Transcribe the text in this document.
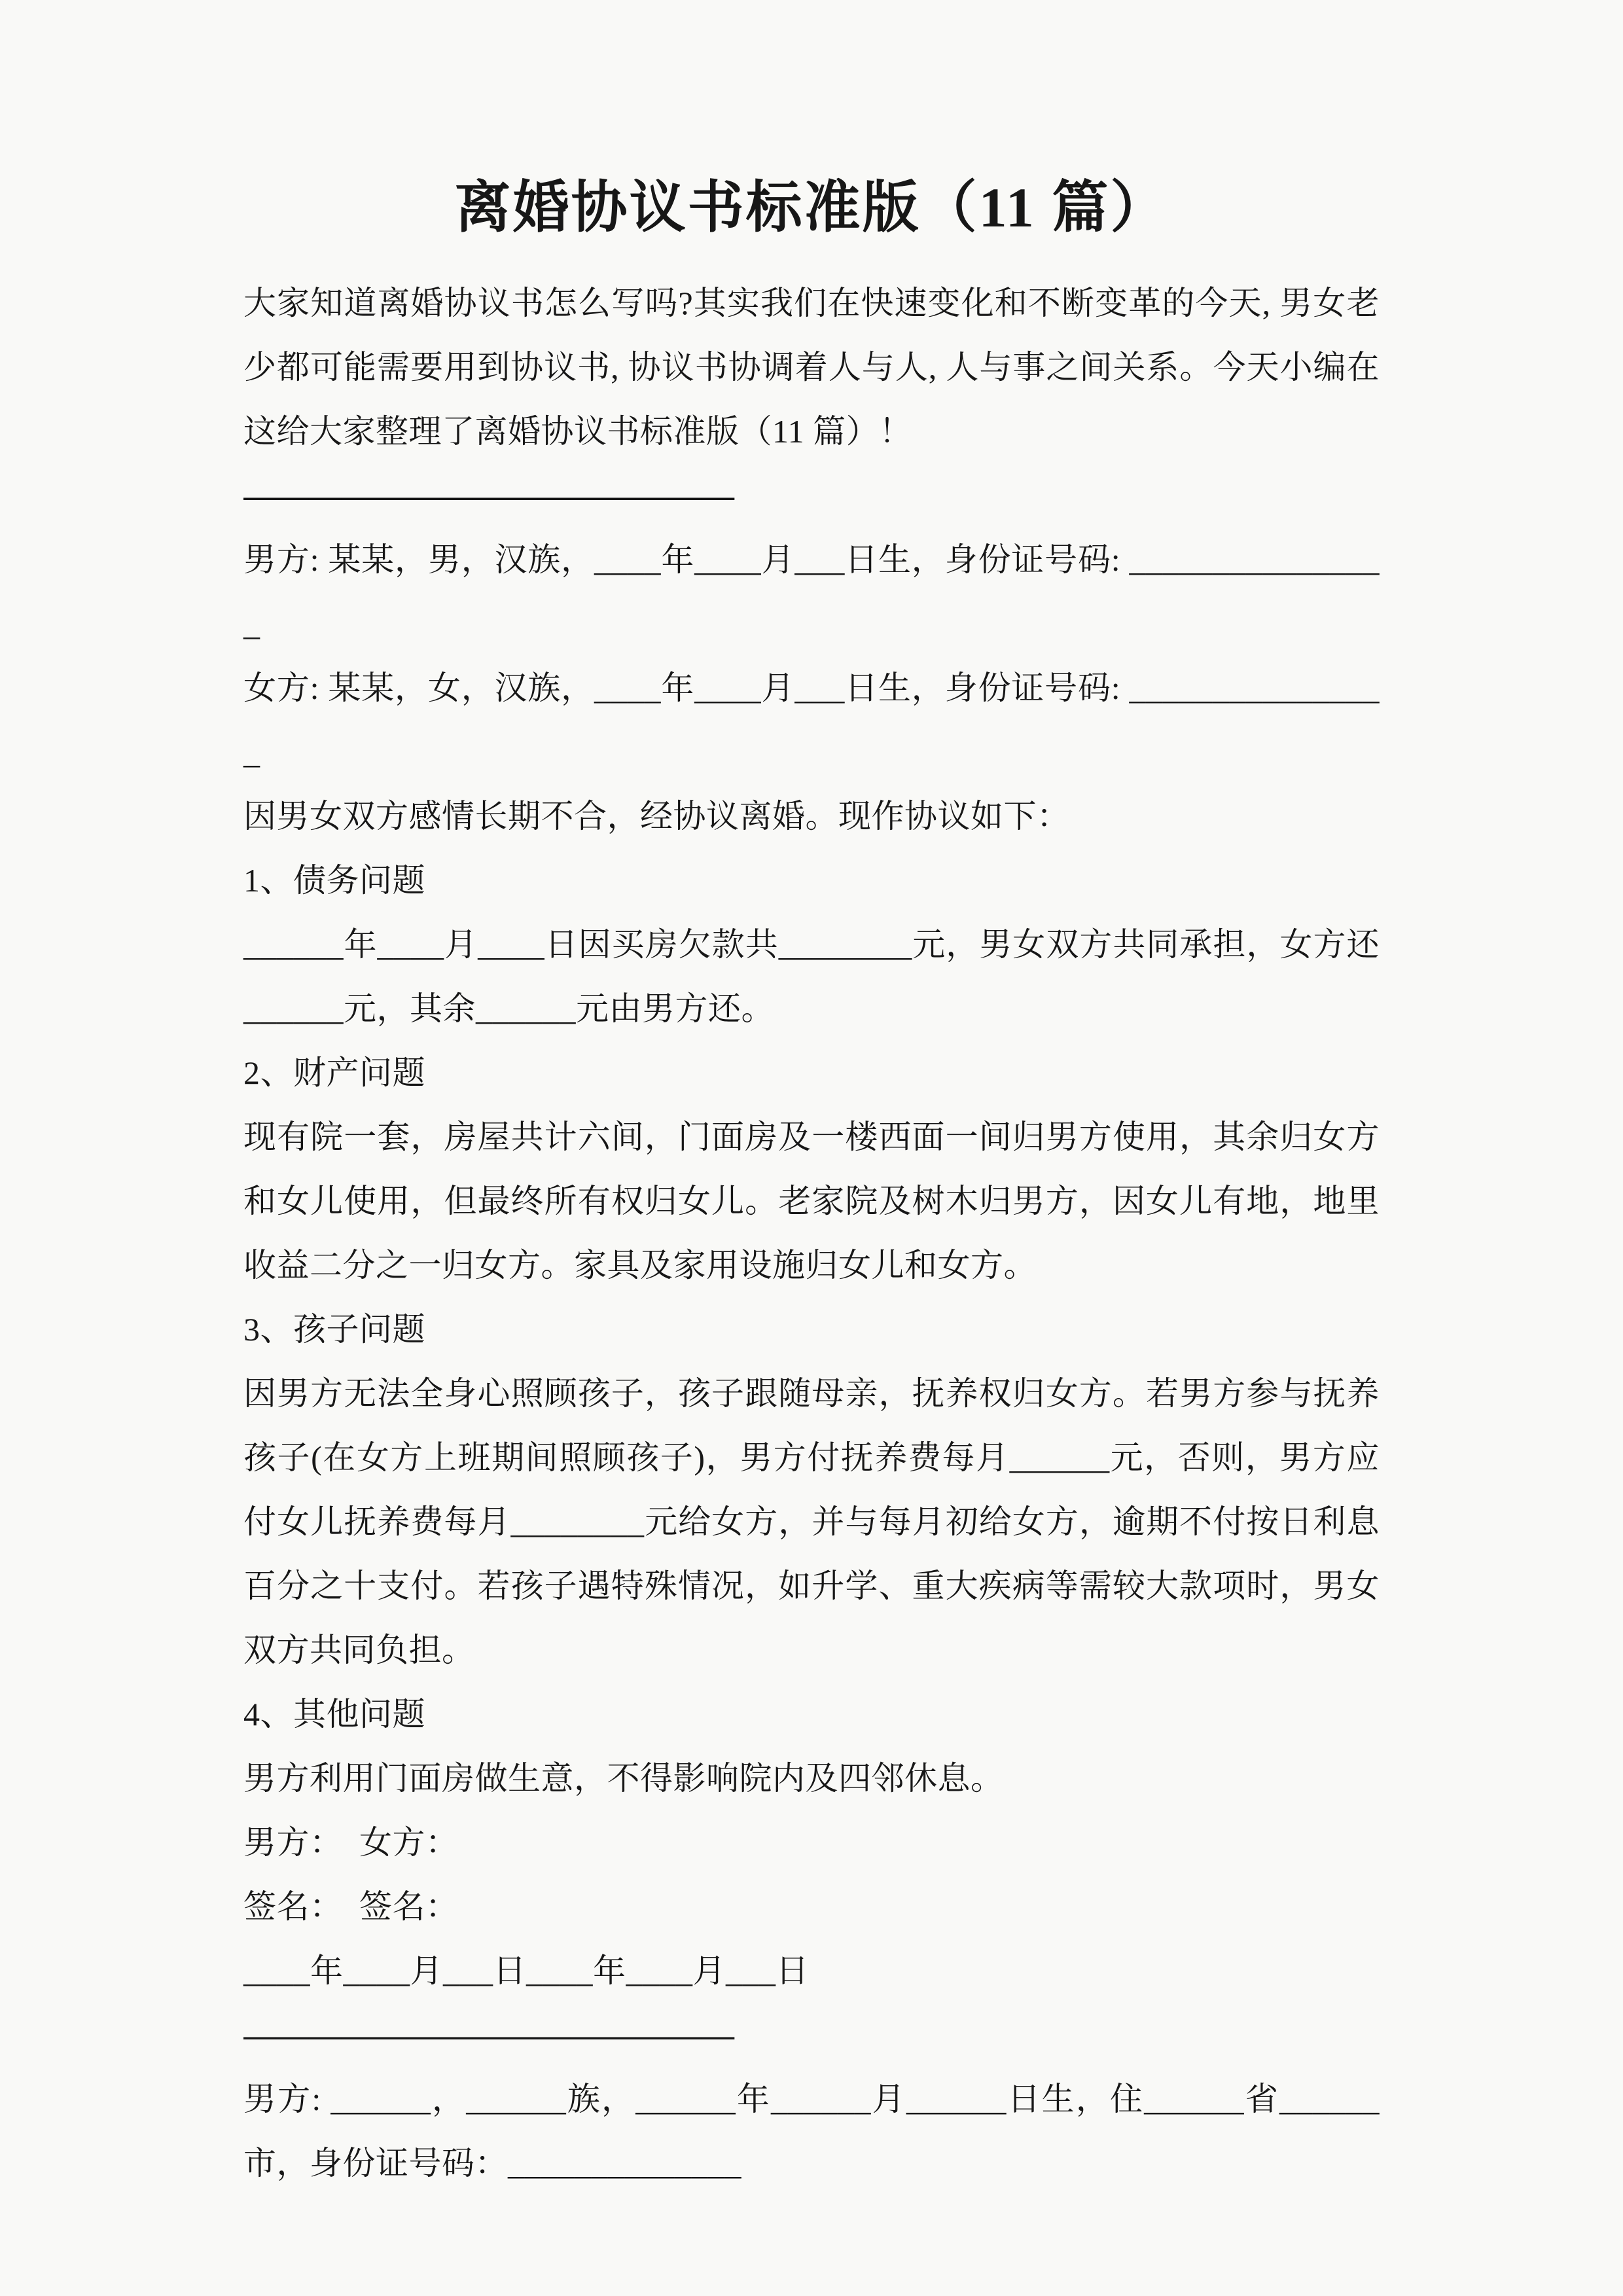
离婚协议书标准版（11 篇）

大家知道离婚协议书怎么写吗?其实我们在快速变化和不断变革的今天, 男女老少都可能需要用到协议书, 协议书协调着人与人, 人与事之间关系。今天小编在这给大家整理了离婚协议书标准版（11 篇）！

———————————————

男方: 某某，男，汉族，____年____月___日生，身份证号码: ________________

女方: 某某，女，汉族，____年____月___日生，身份证号码: ________________

因男女双方感情长期不合，经协议离婚。现作协议如下：

1、债务问题

______年____月____日因买房欠款共________元，男女双方共同承担，女方还______元，其余______元由男方还。

2、财产问题

现有院一套，房屋共计六间，门面房及一楼西面一间归男方使用，其余归女方和女儿使用，但最终所有权归女儿。老家院及树木归男方，因女儿有地，地里收益二分之一归女方。家具及家用设施归女儿和女方。

3、孩子问题

因男方无法全身心照顾孩子，孩子跟随母亲，抚养权归女方。若男方参与抚养孩子(在女方上班期间照顾孩子)，男方付抚养费每月______元，否则，男方应付女儿抚养费每月________元给女方，并与每月初给女方，逾期不付按日利息百分之十支付。若孩子遇特殊情况，如升学、重大疾病等需较大款项时，男女双方共同负担。

4、其他问题

男方利用门面房做生意，不得影响院内及四邻休息。

男方：　女方：

签名：　签名：

____年____月___日____年____月___日

———————————————

男方: ______，______族，______年______月______日生，住______省______市，身份证号码：______________
